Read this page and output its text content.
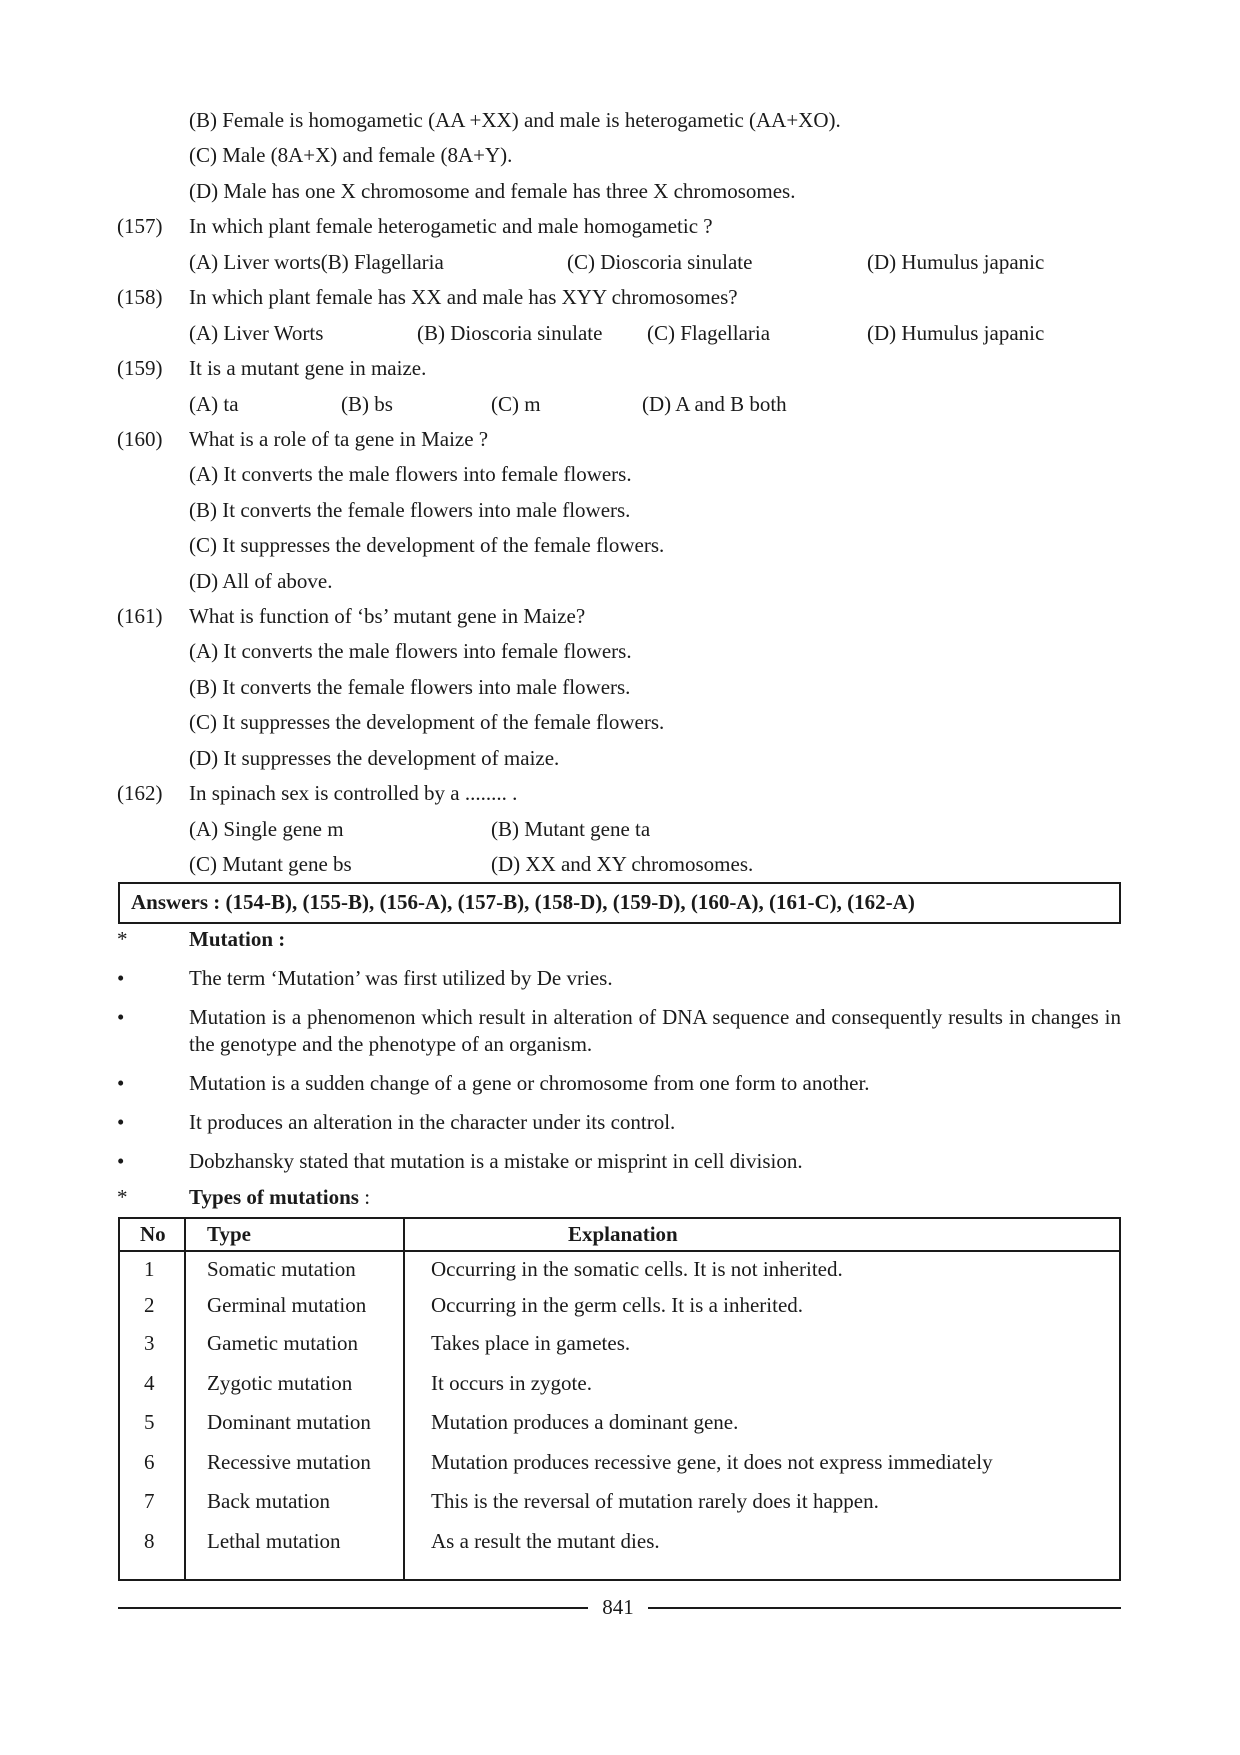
(B) Female is homogametic (AA +XX) and male is heterogametic (AA+XO).
(C) Male (8A+X) and female (8A+Y).
(D) Male has one X chromosome and female has three X chromosomes.
(157) In which plant female heterogametic and male homogametic ?
(A) Liver worts(B) Flagellaria	(C) Dioscoria sinulate	(D) Humulus japanic
(158) In which plant female has XX and male has XYY chromosomes?
(A) Liver Worts	(B) Dioscoria sinulate (C) Flagellaria	(D) Humulus japanic
(159) It is a mutant gene in maize.
(A) ta	(B) bs	(C) m	(D) A and B both
(160) What is a role of ta gene in Maize ?
(A) It converts the male flowers into female flowers.
(B) It converts the female flowers into male flowers.
(C) It suppresses the development of the female flowers.
(D) All of above.
(161) What is function of ‘bs’ mutant gene in Maize?
(A) It converts the male flowers into female flowers.
(B) It converts the female flowers into male flowers.
(C) It suppresses the development of the female flowers.
(D) It suppresses the development of maize.
(162) In spinach sex is controlled by a ........ .
(A) Single gene m	(B) Mutant gene ta
(C) Mutant gene bs	(D) XX and XY chromosomes.
Answers : (154-B), (155-B), (156-A), (157-B), (158-D), (159-D), (160-A), (161-C), (162-A)
*	Mutation :
•	The term ‘Mutation’ was first utilized by De vries.
•	Mutation is a phenomenon which result in alteration of DNA sequence and consequently results in changes in the genotype and the phenotype of an organism.
•	Mutation is a sudden change of a gene or chromosome from one form to another.
•	It produces an alteration in the character under its control.
•	Dobzhansky stated that mutation is a mistake or misprint in cell division.
*	Types of mutations :
No Type	Explanation
1	Somatic mutation	Occurring in the somatic cells. It is not inherited.
2	Germinal mutation	Occurring in the germ cells. It is a inherited.
3	Gametic mutation	Takes place in gametes.
4	Zygotic mutation	It occurs in zygote.
5	Dominant mutation	Mutation produces a dominant gene.
6	Recessive mutation	Mutation produces recessive gene, it does not express immediately
7	Back mutation	This is the reversal of mutation rarely does it happen.
8	Lethal mutation	As a result the mutant dies.
841
